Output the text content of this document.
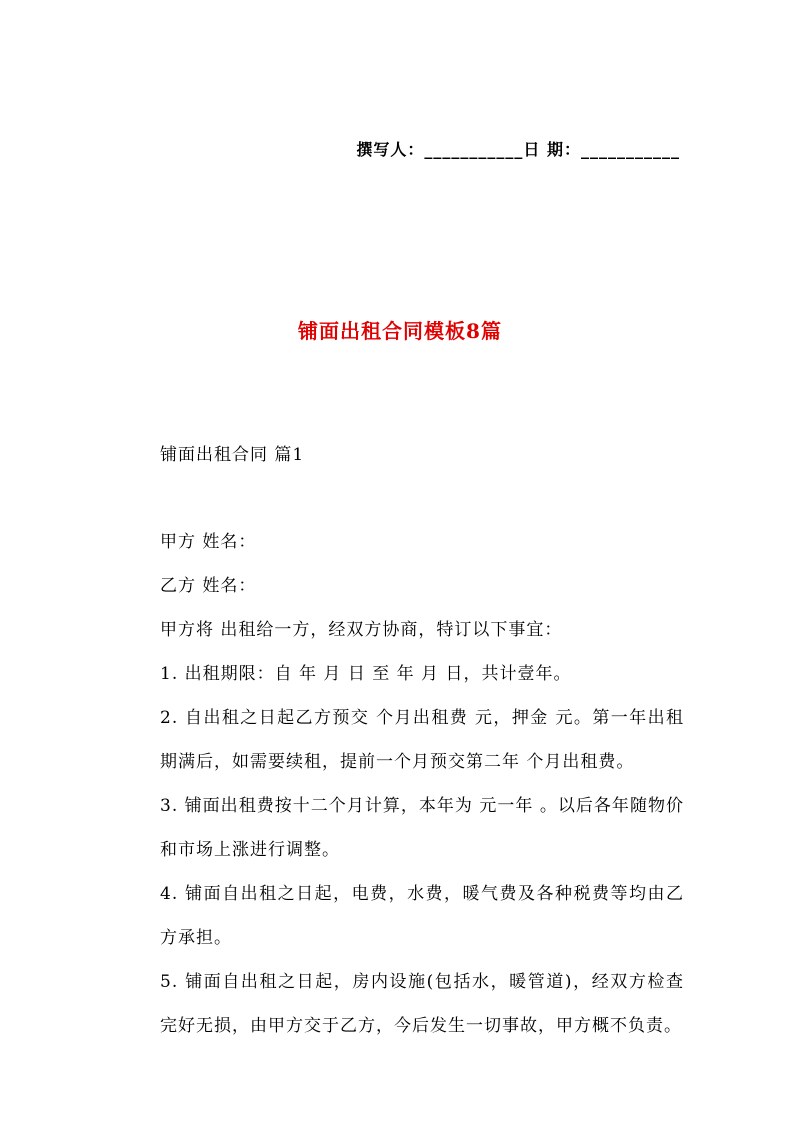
撰写人：___________日 期：___________
铺面出租合同模板8篇
铺面出租合同 篇1

甲方 姓名：

乙方 姓名：

甲方将 出租给一方，经双方协商，特订以下事宜：

1. 出租期限：自 年 月 日 至 年 月 日，共计壹年。

2. 自出租之日起乙方预交 个月出租费 元，押金 元。第一年出租期满后，如需要续租，提前一个月预交第二年 个月出租费。

3. 铺面出租费按十二个月计算，本年为 元一年 。以后各年随物价和市场上涨进行调整。

4. 铺面自出租之日起，电费，水费，暖气费及各种税费等均由乙方承担。

5. 铺面自出租之日起，房内设施(包括水，暖管道)，经双方检查完好无损，由甲方交于乙方，今后发生一切事故，甲方概不负责。
